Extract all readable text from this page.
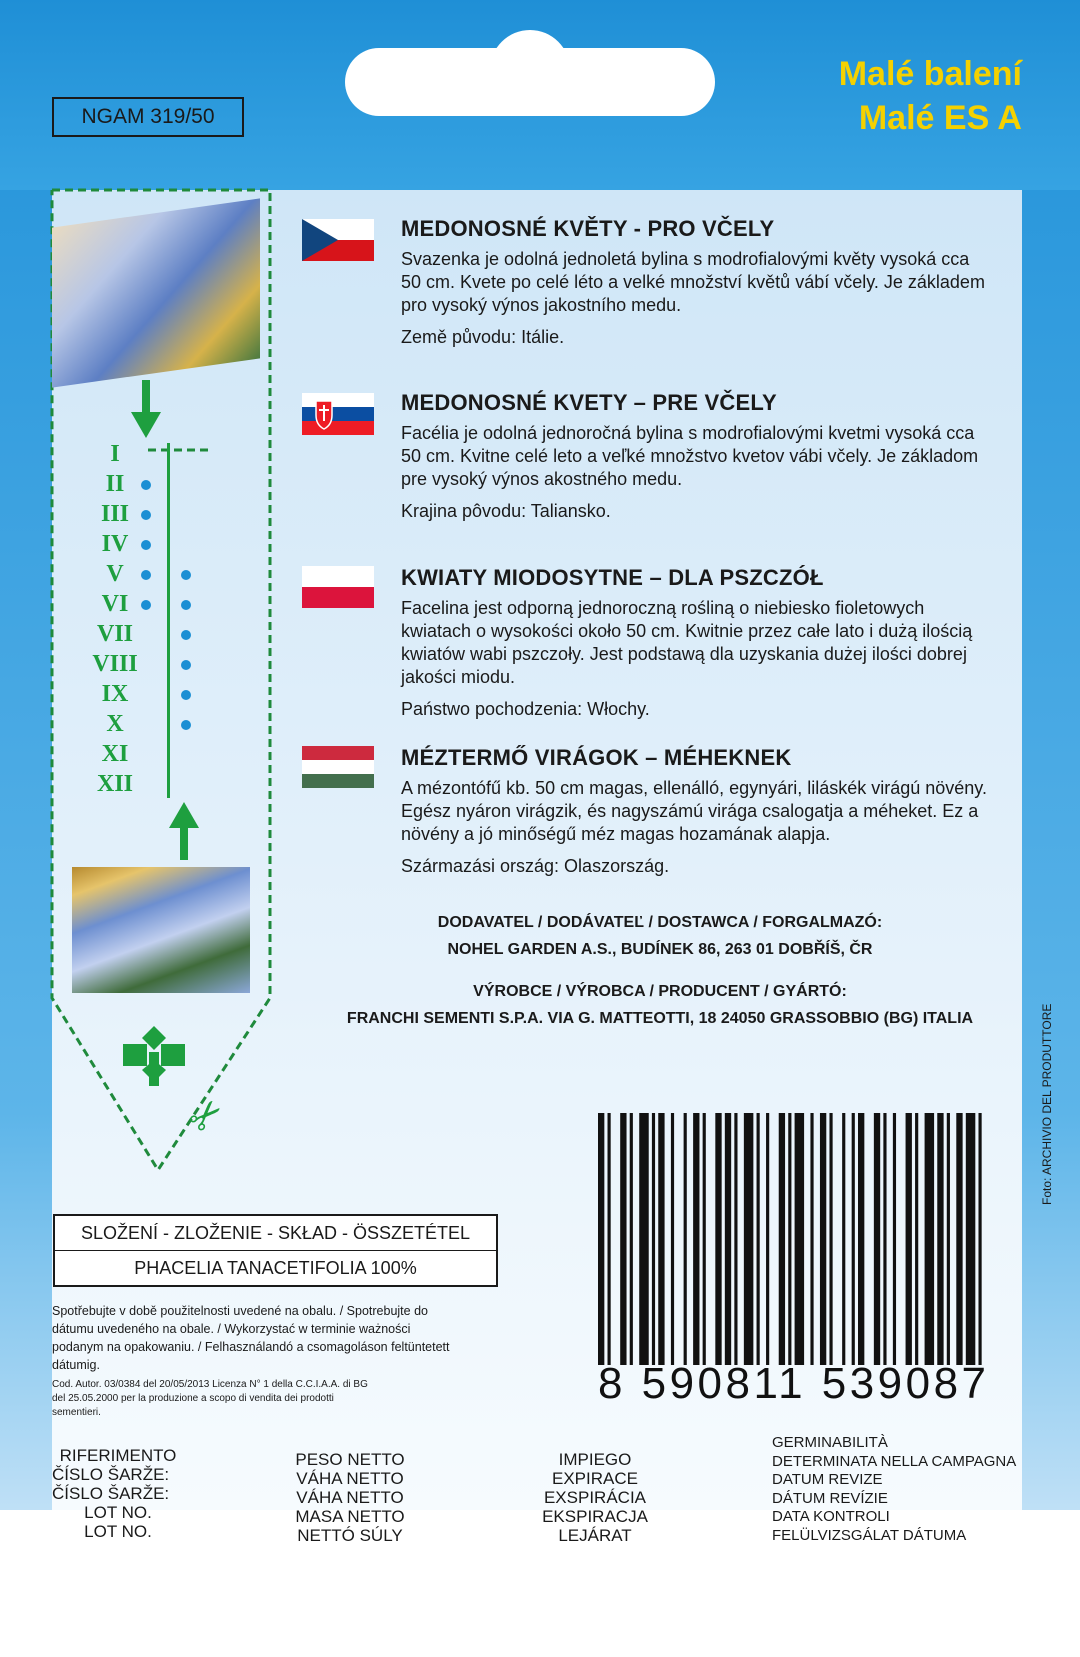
NGAM 319/50
Malé balení
Malé ES A
Foto: ARCHIVIO DEL PRODUTTORE
I
II
III
IV
V
VI
VII
VIII
IX
X
XI
XII
✂
MEDONOSNÉ KVĚTY - PRO VČELY

Svazenka je odolná jednoletá bylina s modrofialovými květy vysoká cca 50 cm. Kvete po celé léto a velké množství květů vábí včely. Je základem pro vysoký výnos jakostního medu.

Země původu: Itálie.

MEDONOSNÉ KVETY – PRE VČELY

Facélia je odolná jednoročná bylina s modrofialovými kvetmi vysoká cca 50 cm. Kvitne celé leto a veľké množstvo kvetov vábi včely. Je základom pre vysoký výnos akostného medu.

Krajina pôvodu: Taliansko.

KWIATY MIODOSYTNE – DLA PSZCZÓŁ

Facelina jest odporną jednoroczną rośliną o niebiesko fioletowych kwiatach o wysokości około 50 cm. Kwitnie przez całe lato i dużą ilością kwiatów wabi pszczoły. Jest podstawą dla uzyskania dużej ilości dobrej jakości miodu.

Państwo pochodzenia: Włochy.

MÉZTERMŐ VIRÁGOK – MÉHEKNEK

A mézontófű kb. 50 cm magas, ellenálló, egynyári, liláskék virágú növény. Egész nyáron virágzik, és nagyszámú virága csalogatja a méheket. Ez a növény a jó minőségű méz magas hozamának alapja.

Származási ország: Olaszország.

DODAVATEL / DODÁVATEĽ / DOSTAWCA / FORGALMAZÓ:
NOHEL GARDEN A.S., BUDÍNEK 86, 263 01 DOBŘÍŠ, ČR
VÝROBCE / VÝROBCA / PRODUCENT / GYÁRTÓ:
FRANCHI SEMENTI S.P.A. VIA G. MATTEOTTI, 18 24050 GRASSOBBIO (BG) ITALIA
SLOŽENÍ - ZLOŽENIE - SKŁAD - ÖSSZETÉTEL
PHACELIA TANACETIFOLIA 100%
Spotřebujte v době použitelnosti uvedené na obalu. / Spotrebujte do dátumu uvedeného na obale. / Wykorzystać w terminie ważności podanym na opakowaniu. / Felhasználandó a csomagoláson feltüntetett dátumig.
Cod. Autor. 03/0384 del 20/05/2013 Licenza N° 1 della C.C.I.A.A. di BG del 25.05.2000 per la produzione a scopo di vendita dei prodotti sementieri.
8 590811 539087
RIFERIMENTO
ČÍSLO ŠARŽE:
ČÍSLO ŠARŽE:
LOT NO.
LOT NO.
PESO NETTO
VÁHA NETTO
VÁHA NETTO
MASA NETTO
NETTÓ SÚLY
IMPIEGO
EXPIRACE
EXSPIRÁCIA
EKSPIRACJA
LEJÁRAT
GERMINABILITÀ
DETERMINATA NELLA CAMPAGNA
DATUM REVIZE
DÁTUM REVÍZIE
DATA KONTROLI
FELÜLVIZSGÁLAT DÁTUMA
